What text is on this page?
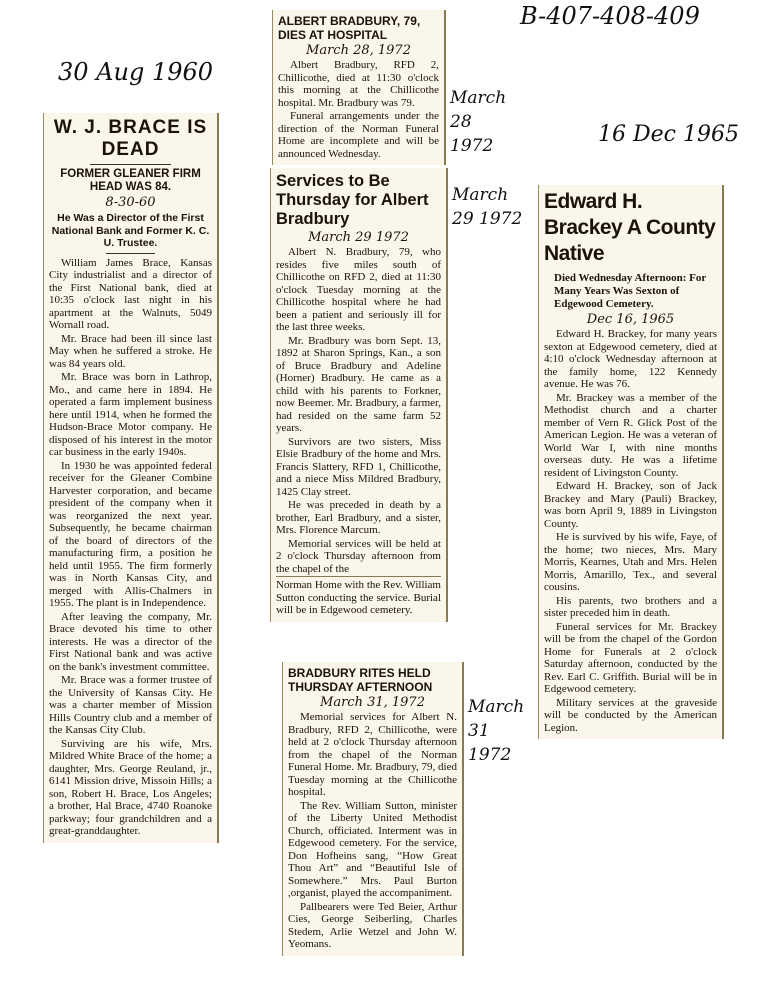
B-407-408-409
30 Aug 1960
16 Dec 1965
March 28 1972
March 29 1972
March 31 1972
W. J. BRACE IS DEAD
FORMER GLEANER FIRM HEAD WAS 84.
8-30-60
He Was a Director of the First National Bank and Former K. C. U. Trustee.

William James Brace, Kansas City industrialist and a director of the First National bank, died at 10:35 o'clock last night in his apartment at the Walnuts, 5049 Wornall road.

Mr. Brace had been ill since last May when he suffered a stroke. He was 84 years old.

Mr. Brace was born in Lathrop, Mo., and came here in 1894. He operated a farm implement business here until 1914, when he formed the Hudson-Brace Motor company. He disposed of his interest in the motor car business in the early 1940s.

In 1930 he was appointed federal receiver for the Gleaner Combine Harvester corporation, and became president of the company when it was reorganized the next year. Subsequently, he became chairman of the board of directors of the manufacturing firm, a position he held until 1955. The firm formerly was in North Kansas City, and merged with Allis-Chalmers in 1955. The plant is in Independence.

After leaving the company, Mr. Brace devoted his time to other interests. He was a director of the First National bank and was active on the bank's investment committee.

Mr. Brace was a former trustee of the University of Kansas City. He was a charter member of Mission Hills Country club and a member of the Kansas City Club.

Surviving are his wife, Mrs. Mildred White Brace of the home; a daughter, Mrs. George Reuland, jr., 6141 Mission drive, Missoin Hills; a son, Robert H. Brace, Los Angeles; a brother, Hal Brace, 4740 Roanoke parkway; four grandchildren and a great-granddaughter.

ALBERT BRADBURY, 79, DIES AT HOSPITAL
March 28, 1972

Albert Bradbury, RFD 2, Chillicothe, died at 11:30 o'clock this morning at the Chillicothe hospital. Mr. Bradbury was 79.

Funeral arrangements under the direction of the Norman Funeral Home are incomplete and will be announced Wednesday.

Services to Be Thursday for Albert Bradbury
March 29 1972

Albert N. Bradbury, 79, who resides five miles south of Chillicothe on RFD 2, died at 11:30 o'clock Tuesday morning at the Chillicothe hospital where he had been a patient and seriously ill for the last three weeks.

Mr. Bradbury was born Sept. 13, 1892 at Sharon Springs, Kan., a son of Bruce Bradbury and Adeline (Horner) Bradbury. He came as a child with his parents to Forkner, now Beemer. Mr. Bradbury, a farmer, had resided on the same farm 52 years.

Survivors are two sisters, Miss Elsie Bradbury of the home and Mrs. Francis Slattery, RFD 1, Chillicothe, and a niece Miss Mildred Bradbury, 1425 Clay street.

He was preceded in death by a brother, Earl Bradbury, and a sister, Mrs. Florence Marcum.

Memorial services will be held at 2 o'clock Thursday afternoon from the chapel of the

Norman Home with the Rev. William Sutton conducting the service. Burial will be in Edgewood cemetery.

BRADBURY RITES HELD THURSDAY AFTERNOON
March 31, 1972

Memorial services for Albert N. Bradbury, RFD 2, Chillicothe, were held at 2 o'clock Thursday afternoon from the chapel of the Norman Funeral Home. Mr. Bradbury, 79, died Tuesday morning at the Chillicothe hospital.

The Rev. William Sutton, minister of the Liberty United Methodist Church, officiated. Interment was in Edgewood cemetery. For the service, Don Hofheins sang, “How Great Thou Art” and “Beautiful Isle of Somewhere.” Mrs. Paul Burton ,organist, played the accompaniment.

Pallbearers were Ted Beier, Arthur Cies, George Seiberling, Charles Stedem, Arlie Wetzel and John W. Yeomans.

Edward H. Brackey A County Native
Died Wednesday Afternoon: For Many Years Was Sexton of Edgewood Cemetery.
Dec 16, 1965

Edward H. Brackey, for many years sexton at Edgewood cemetery, died at 4:10 o'clock Wednesday afternoon at the family home, 122 Kennedy avenue. He was 76.

Mr. Brackey was a member of the Methodist church and a charter member of Vern R. Glick Post of the American Legion. He was a veteran of World War I, with nine months overseas duty. He was a lifetime resident of Livingston County.

Edward H. Brackey, son of Jack Brackey and Mary (Pauli) Brackey, was born April 9, 1889 in Livingston County.

He is survived by his wife, Faye, of the home; two nieces, Mrs. Mary Morris, Kearnes, Utah and Mrs. Helen Morris, Amarillo, Tex., and several cousins.

His parents, two brothers and a sister preceded him in death.

Funeral services for Mr. Brackey will be from the chapel of the Gordon Home for Funerals at 2 o'clock Saturday afternoon, conducted by the Rev. Earl C. Griffith. Burial will be in Edgewood cemetery.

Military services at the graveside will be conducted by the American Legion.
